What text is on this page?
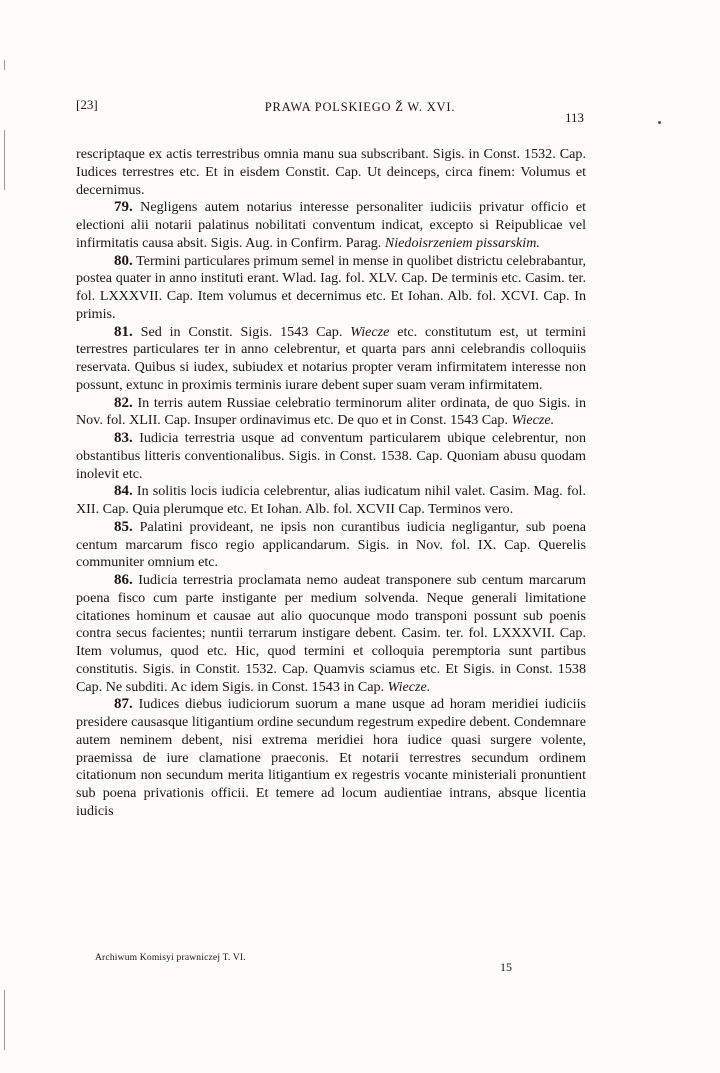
[23]	PRAWA POLSKIEGO Ž W. XVI.
113

rescriptaque ex actis terrestribus omnia manu sua subscribant. Sigis. in Const. 1532. Cap. Iudices terrestres etc. Et in eisdem Constit. Cap. Ut deinceps, circa finem: Volumus et decernimus.

79. Negligens autem notarius interesse personaliter iudiciis privatur officio et electioni alii notarii palatinus nobilitati conventum indicat, excepto si Reipublicae vel infirmitatis causa absit. Sigis. Aug. in Confirm. Parag. Niedoisrzeniem pissarskim.

80. Termini particulares primum semel in mense in quolibet districtu celebrabantur, postea quater in anno instituti erant. Wlad. Iag. fol. XLV. Cap. De terminis etc. Casim. ter. fol. LXXXVII. Cap. Item volumus et decernimus etc. Et Iohan. Alb. fol. XCVI. Cap. In primis.

81. Sed in Constit. Sigis. 1543 Cap. Wiecze etc. constitutum est, ut termini terrestres particulares ter in anno celebrentur, et quarta pars anni celebrandis colloquiis reservata. Quibus si iudex, subiudex et notarius propter veram infirmitatem interesse non possunt, extunc in proximis terminis iurare debent super suam veram infirmitatem.

82. In terris autem Russiae celebratio terminorum aliter ordinata, de quo Sigis. in Nov. fol. XLII. Cap. Insuper ordinavimus etc. De quo et in Const. 1543 Cap. Wiecze.

83. Iudicia terrestria usque ad conventum particularem ubique celebrentur, non obstantibus litteris conventionalibus. Sigis. in Const. 1538. Cap. Quoniam abusu quodam inolevit etc.

84. In solitis locis iudicia celebrentur, alias iudicatum nihil valet. Casim. Mag. fol. XII. Cap. Quia plerumque etc. Et Iohan. Alb. fol. XCVII Cap. Terminos vero.

85. Palatini provideant, ne ipsis non curantibus iudicia negligantur, sub poena centum marcarum fisco regio applicandarum. Sigis. in Nov. fol. IX. Cap. Querelis communiter omnium etc.

86. Iudicia terrestria proclamata nemo audeat transponere sub centum marcarum poena fisco cum parte instigante per medium solvenda. Neque generali limitatione citationes hominum et causae aut alio quocunque modo transponi possunt sub poenis contra secus facientes; nuntii terrarum instigare debent. Casim. ter. fol. LXXXVII. Cap. Item volumus, quod etc. Hic, quod termini et colloquia peremptoria sunt partibus constitutis. Sigis. in Constit. 1532. Cap. Quamvis sciamus etc. Et Sigis. in Const. 1538 Cap. Ne subditi. Ac idem Sigis. in Const. 1543 in Cap. Wiecze.

87. Iudices diebus iudiciorum suorum a mane usque ad horam meridiei iudiciis presidere causasque litigantium ordine secundum regestrum expedire debent. Condemnare autem neminem debent, nisi extrema meridiei hora iudice quasi surgere volente, praemissa de iure clamatione praeconis. Et notarii terrestres secundum ordinem citationum non secundum merita litigantium ex regestris vocante ministeriali pronuntient sub poena privationis officii. Et temere ad locum audientiae intrans, absque licentia iudicis

Archiwum Komisyi prawniczej T. VI.
15
